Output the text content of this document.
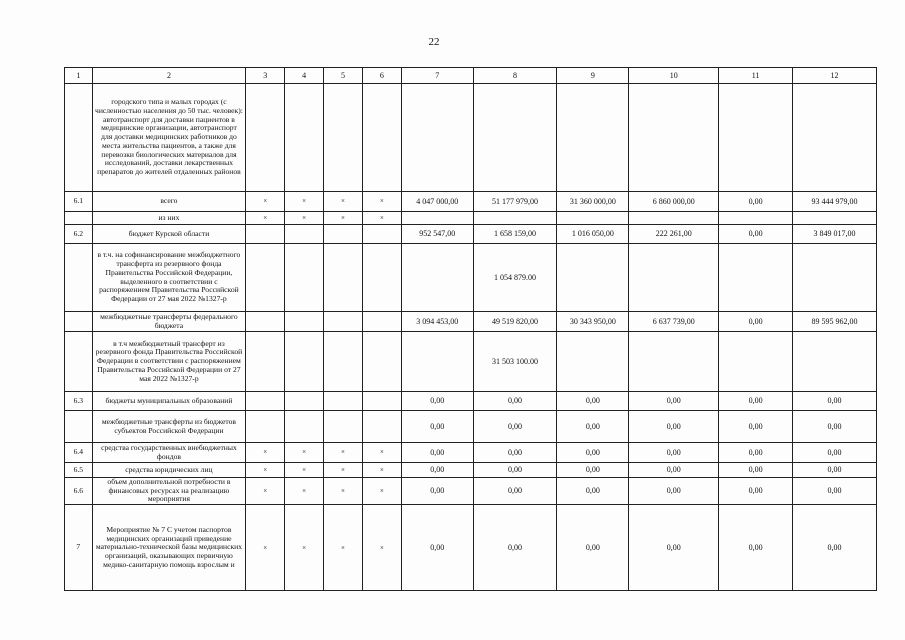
22
1	2	3	4	5	6	7	8	9	10	11	12
	городского типа и малых городах (с численностью населения до 50 тыс. человек): автотранспорт для доставки пациентов в медицинские организации, автотранспорт для доставки медицинских работников до места жительства пациентов, а также для перевозки биологических материалов для исследований, доставки лекарственных препаратов до жителей отдаленных районов										
6.1	всего	×	×	×	×	4 047 000,00	51 177 979,00	31 360 000,00	6 860 000,00	0,00	93 444 979,00
	из них	×	×	×	×						
6.2	бюджет Курской области					952 547,00	1 658 159,00	1 016 050,00	222 261,00	0,00	3 849 017,00
	в т.ч. на софинансирование межбюджетного трансферта из резервного фонда Правительства Российской Федерации, выделенного в соответствии с распоряжением Правительства Российской Федерации от 27 мая 2022 №1327-р						1 054 879.00				
	межбюджетные трансферты федерального бюджета					3 094 453,00	49 519 820,00	30 343 950,00	6 637 739,00	0,00	89 595 962,00
	в т.ч межбюджетный трансферт из резервного фонда Правительства Российской Федерации в соответствии с распоряжением Правительства Российской Федерации от 27 мая 2022 №1327-р						31 503 100.00				
6.3	бюджеты муниципальных образований					0,00	0,00	0,00	0,00	0,00	0,00
	межбюджетные трансферты из бюджетов субъектов Российской Федерации					0,00	0,00	0,00	0,00	0,00	0,00
6.4	средства государственных внебюджетных фондов	×	×	×	×	0,00	0,00	0,00	0,00	0,00	0,00
6.5	средства юридических лиц	×	×	×	×	0,00	0,00	0,00	0,00	0,00	0,00
6.6	объем дополнительной потребности в финансовых ресурсах на реализацию мероприятия	×	×	×	×	0,00	0,00	0,00	0,00	0,00	0,00
7	Мероприятие № 7 С учетом паспортов медицинских организаций приведение материально-технической базы медицинских организаций, оказывающих первичную медико-санитарную помощь взрослым и	×	×	×	×	0,00	0,00	0,00	0,00	0,00	0,00
